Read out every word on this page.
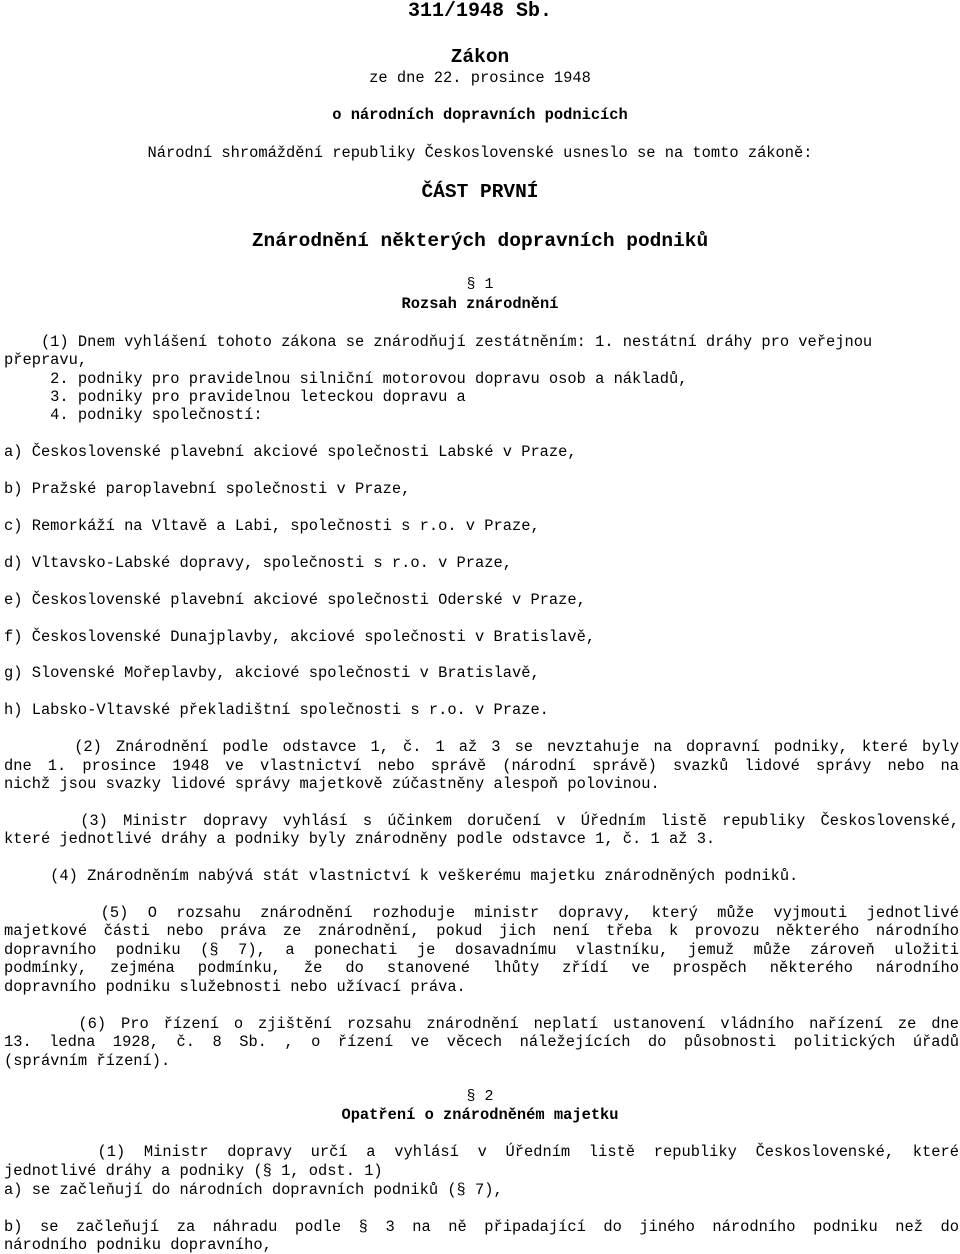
311/1948 Sb.
Zákon
ze dne 22. prosince 1948
o národních dopravních podnicích
Národní shromáždění republiky Československé usneslo se na tomto zákoně:
ČÁST PRVNÍ
Znárodnění některých dopravních podniků
§ 1
Rozsah znárodnění
(1) Dnem vyhlášení tohoto zákona se znárodňují zestátněním: 1. nestátní dráhy pro veřejnou
přepravu,
2. podniky pro pravidelnou silniční motorovou dopravu osob a nákladů,
3. podniky pro pravidelnou leteckou dopravu a
4. podniky společností:
a) Československé plavební akciové společnosti Labské v Praze,
b) Pražské paroplavební společnosti v Praze,
c) Remorkáží na Vltavě a Labi, společnosti s r.o. v Praze,
d) Vltavsko-Labské dopravy, společnosti s r.o. v Praze,
e) Československé plavební akciové společnosti Oderské v Praze,
f) Československé Dunajplavby, akciové společnosti v Bratislavě,
g) Slovenské Mořeplavby, akciové společnosti v Bratislavě,
h) Labsko-Vltavské překladištní společnosti s r.o. v Praze.
(2) Znárodnění podle odstavce 1, č. 1 až 3 se nevztahuje na dopravní podniky, které byly
dne 1. prosince 1948 ve vlastnictví nebo správě (národní správě) svazků lidové správy nebo na
nichž jsou svazky lidové správy majetkově zúčastněny alespoň polovinou.
(3) Ministr dopravy vyhlásí s účinkem doručení v Úředním listě republiky Československé,
které jednotlivé dráhy a podniky byly znárodněny podle odstavce 1, č. 1 až 3.
(4) Znárodněním nabývá stát vlastnictví k veškerému majetku znárodněných podniků.
(5) O rozsahu znárodnění rozhoduje ministr dopravy, který může vyjmouti jednotlivé
majetkové části nebo práva ze znárodnění, pokud jich není třeba k provozu některého národního
dopravního podniku (§ 7), a ponechati je dosavadnímu vlastníku, jemuž může zároveň uložiti
podmínky, zejména podmínku, že do stanovené lhůty zřídí ve prospěch některého národního
dopravního podniku služebnosti nebo užívací práva.
(6) Pro řízení o zjištění rozsahu znárodnění neplatí ustanovení vládního nařízení ze dne
13. ledna 1928, č. 8 Sb. , o řízení ve věcech náležejících do působnosti politických úřadů
(správním řízení).
§ 2
Opatření o znárodněném majetku
(1) Ministr dopravy určí a vyhlásí v Úředním listě republiky Československé, které
jednotlivé dráhy a podniky (§ 1, odst. 1)
a) se začleňují do národních dopravních podniků (§ 7),
b) se začleňují za náhradu podle § 3 na ně připadající do jiného národního podniku než do
národního podniku dopravního,
